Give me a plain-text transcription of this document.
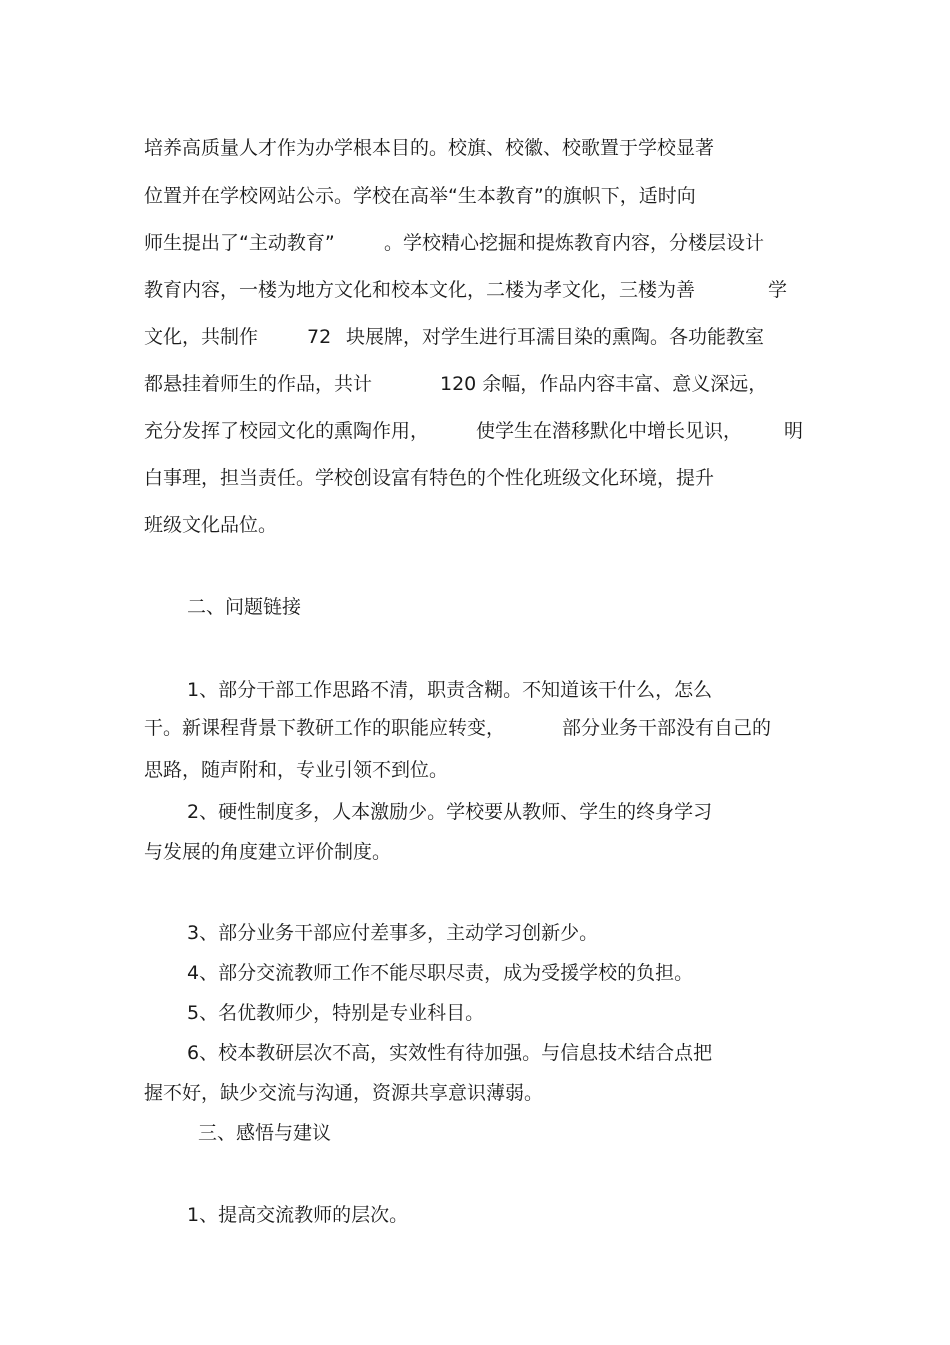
培养高质量人才作为办学根本目的。校旗、校徽、校歌置于学校显著
位置并在学校网站公示。学校在高举“生本教育”的旗帜下，适时向
师生提出了“主动教育”	。学校精心挖掘和提炼教育内容，分楼层设计
教育内容，一楼为地方文化和校本文化，二楼为孝文化，三楼为善	学
文化，共制作	72 块展牌，对学生进行耳濡目染的熏陶。各功能教室
都悬挂着师生的作品，共计	120 余幅，作品内容丰富、意义深远，
充分发挥了校园文化的熏陶作用， 使学生在潜移默化中增长见识， 明
白事理，担当责任。学校创设富有特色的个性化班级文化环境，提升
班级文化品位。
二、问题链接
1、部分干部工作思路不清，职责含糊。不知道该干什么，怎么
干。新课程背景下教研工作的职能应转变，	部分业务干部没有自己的
思路，随声附和，专业引领不到位。
2、硬性制度多，人本激励少。学校要从教师、学生的终身学习
与发展的角度建立评价制度。
3、部分业务干部应付差事多，主动学习创新少。
4、部分交流教师工作不能尽职尽责，成为受援学校的负担。
5、名优教师少，特别是专业科目。
6、校本教研层次不高，实效性有待加强。与信息技术结合点把
握不好，缺少交流与沟通，资源共享意识薄弱。
三、感悟与建议
1、提高交流教师的层次。
